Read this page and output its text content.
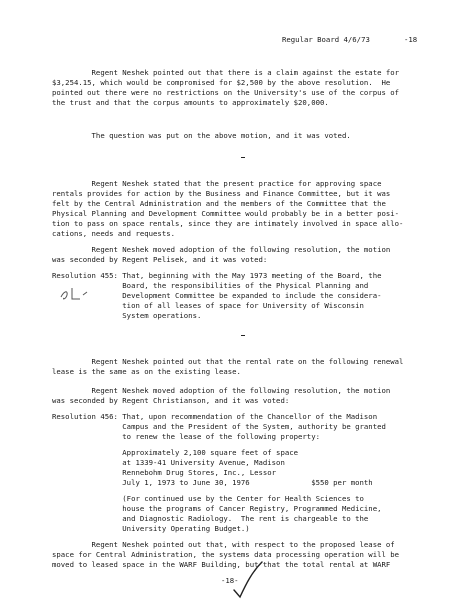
Regular Board 4/6/73	-18
Regent Neshek pointed out that there is a claim against the estate for
$3,254.15, which would be compromised for $2,500 by the above resolution.  He
pointed out there were no restrictions on the University's use of the corpus of
the trust and that the corpus amounts to approximately $20,000.
The question was put on the above motion, and it was voted.
Regent Neshek stated that the present practice for approving space
rentals provides for action by the Business and Finance Committee, but it was
felt by the Central Administration and the members of the Committee that the
Physical Planning and Development Committee would probably be in a better posi-
tion to pass on space rentals, since they are intimately involved in space allo-
cations, needs and requests.
Regent Neshek moved adoption of the following resolution, the motion
was seconded by Regent Pelisek, and it was voted:
Resolution 455: That, beginning with the May 1973 meeting of the Board, the
Board, the responsibilities of the Physical Planning and
Development Committee be expanded to include the considera-
tion of all leases of space for University of Wisconsin
System operations.
Regent Neshek pointed out that the rental rate on the following renewal
lease is the same as on the existing lease.
Regent Neshek moved adoption of the following resolution, the motion
was seconded by Regent Christianson, and it was voted:
Resolution 456: That, upon recommendation of the Chancellor of the Madison
Campus and the President of the System, authority be granted
to renew the lease of the following property:
Approximately 2,100 square feet of space
at 1339-41 University Avenue, Madison
Rennebohm Drug Stores, Inc., Lessor
July 1, 1973 to June 30, 1976              $550 per month
(For continued use by the Center for Health Sciences to
house the programs of Cancer Registry, Programmed Medicine,
and Diagnostic Radiology.  The rent is chargeable to the
University Operating Budget.)
Regent Neshek pointed out that, with respect to the proposed lease of
space for Central Administration, the systems data processing operation will be
moved to leased space in the WARF Building, but that the total rental at WARF
-18-
